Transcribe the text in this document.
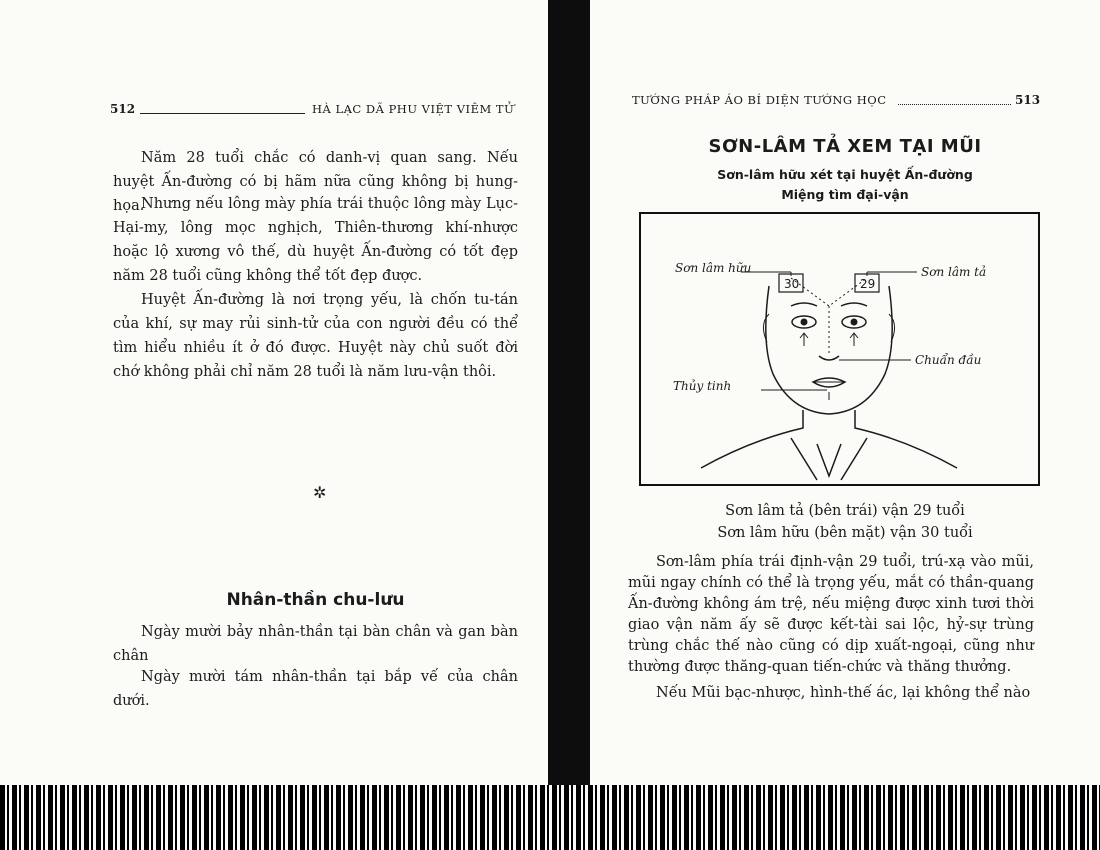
512	HÀ LẠC DÃ PHU VIỆT VIÊM TỬ

Năm 28 tuổi chắc có danh-vị quan sang. Nếu huyệt Ấn-đường có bị hãm nữa cũng không bị hung-họa.

Nhưng nếu lông mày phía trái thuộc lông mày Lục-Hại-my, lông mọc nghịch, Thiên-thương khí-nhược hoặc lộ xương vô thế, dù huyệt Ấn-đường có tốt đẹp năm 28 tuổi cũng không thể tốt đẹp được.

Huyệt Ấn-đường là nơi trọng yếu, là chốn tu-tán của khí, sự may rủi sinh-tử của con người đều có thể tìm hiểu nhiều ít ở đó được. Huyệt này chủ suốt đời chớ không phải chỉ năm 28 tuổi là năm lưu-vận thôi.

✲
Nhân-thần chu-lưu

Ngày mười bảy nhân-thần tại bàn chân và gan bàn chân

Ngày mười tám nhân-thần tại bắp vế của chân dưới.

TƯỚNG PHÁP ÁO BÍ DIỆN TƯỚNG HỌC	513
SƠN-LÂM TẢ XEM TẠI MŨI
Sơn-lâm hữu xét tại huyệt Ấn-đường
Miệng tìm đại-vận
30	29
Sơn lâm hữu	Sơn lâm tả
Chuẩn đầu
Thủy tinh
Sơn lâm tả (bên trái) vận 29 tuổi
Sơn lâm hữu (bên mặt) vận 30 tuổi

Sơn-lâm phía trái định-vận 29 tuổi, trú-xạ vào mũi, mũi ngay chính có thể là trọng yếu, mắt có thần-quang Ấn-đường không ám trệ, nếu miệng được xinh tươi thời giao vận năm ấy sẽ được kết-tài sai lộc, hỷ-sự trùng trùng chắc thế nào cũng có dịp xuất-ngoại, cũng như thường được thăng-quan tiến-chức và thăng thưởng.

Nếu Mũi bạc-nhược, hình-thế ác, lại không thể nào
